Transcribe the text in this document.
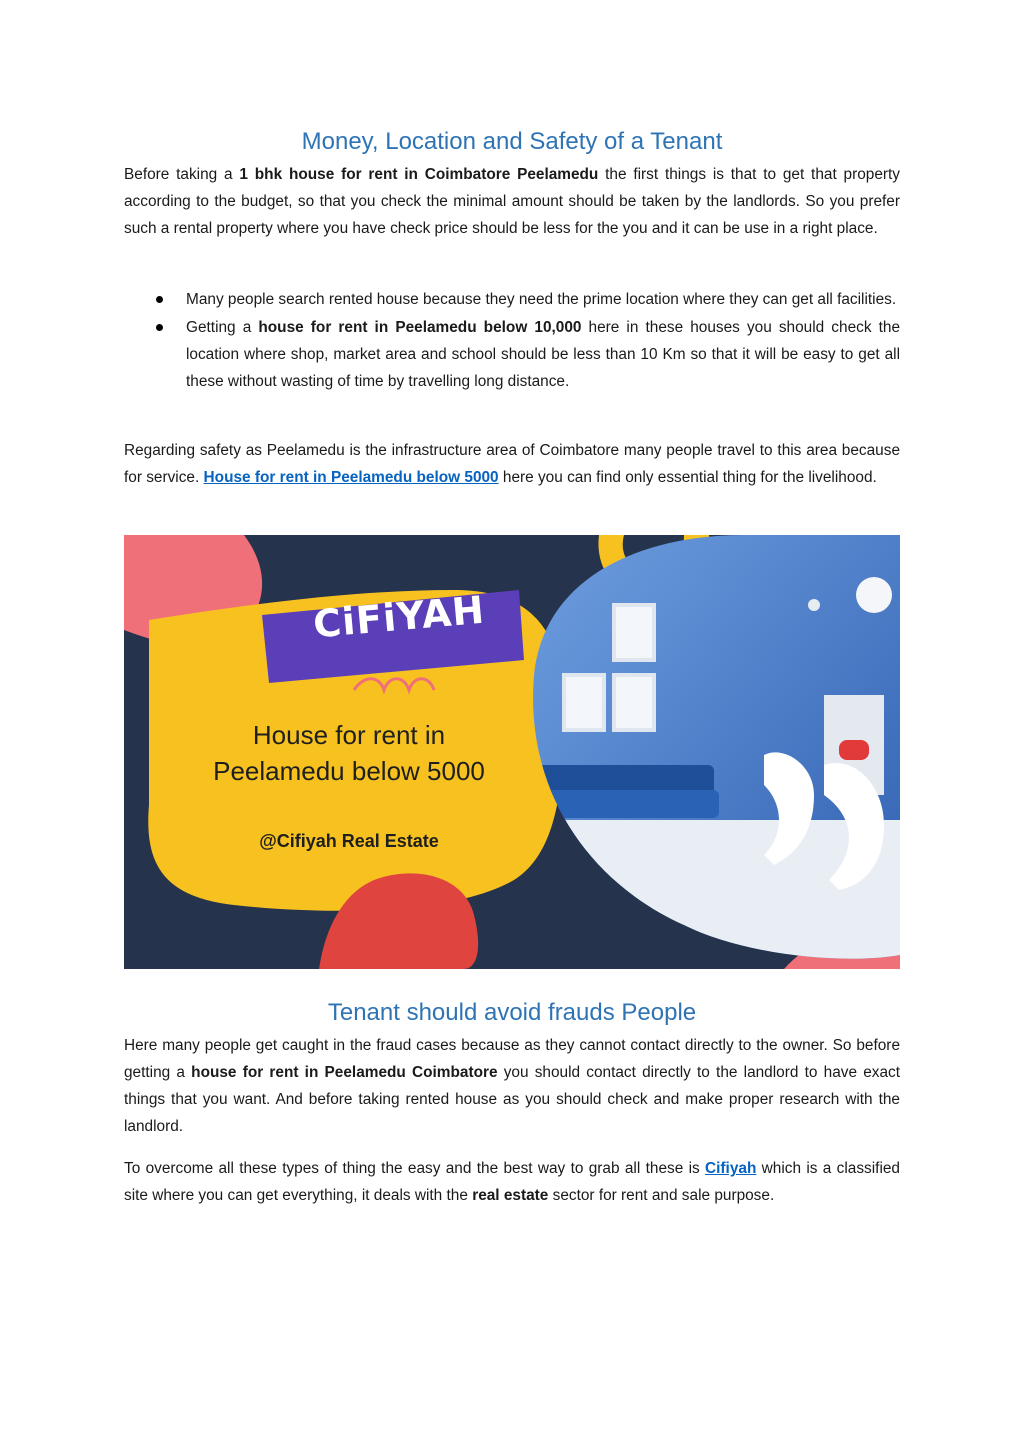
Money, Location and Safety of a Tenant

Before taking a 1 bhk house for rent in Coimbatore Peelamedu the first things is that to get that property according to the budget, so that you check the minimal amount should be taken by the landlords. So you prefer such a rental property where you have check price should be less for the you and it can be use in a right place.

Many people search rented house because they need the prime location where they can get all facilities.
Getting a house for rent in Peelamedu below 10,000 here in these houses you should check the location where shop, market area and school should be less than 10 Km so that it will be easy to get all these without wasting of time by travelling long distance.

Regarding safety as Peelamedu is the infrastructure area of Coimbatore many people travel to this area because for service. House for rent in Peelamedu below 5000 here you can find only essential thing for the livelihood.

Tenant should avoid frauds People

Here many people get caught in the fraud cases because as they cannot contact directly to the owner. So before getting a house for rent in Peelamedu Coimbatore you should contact directly to the landlord to have exact things that you want. And before taking rented house as you should check and make proper research with the landlord.

To overcome all these types of thing the easy and the best way to grab all these is Cifiyah which is a classified site where you can get everything, it deals with the real estate sector for rent and sale purpose.

CiFiYAH
House for rent in
Peelamedu below 5000
@Cifiyah Real Estate
